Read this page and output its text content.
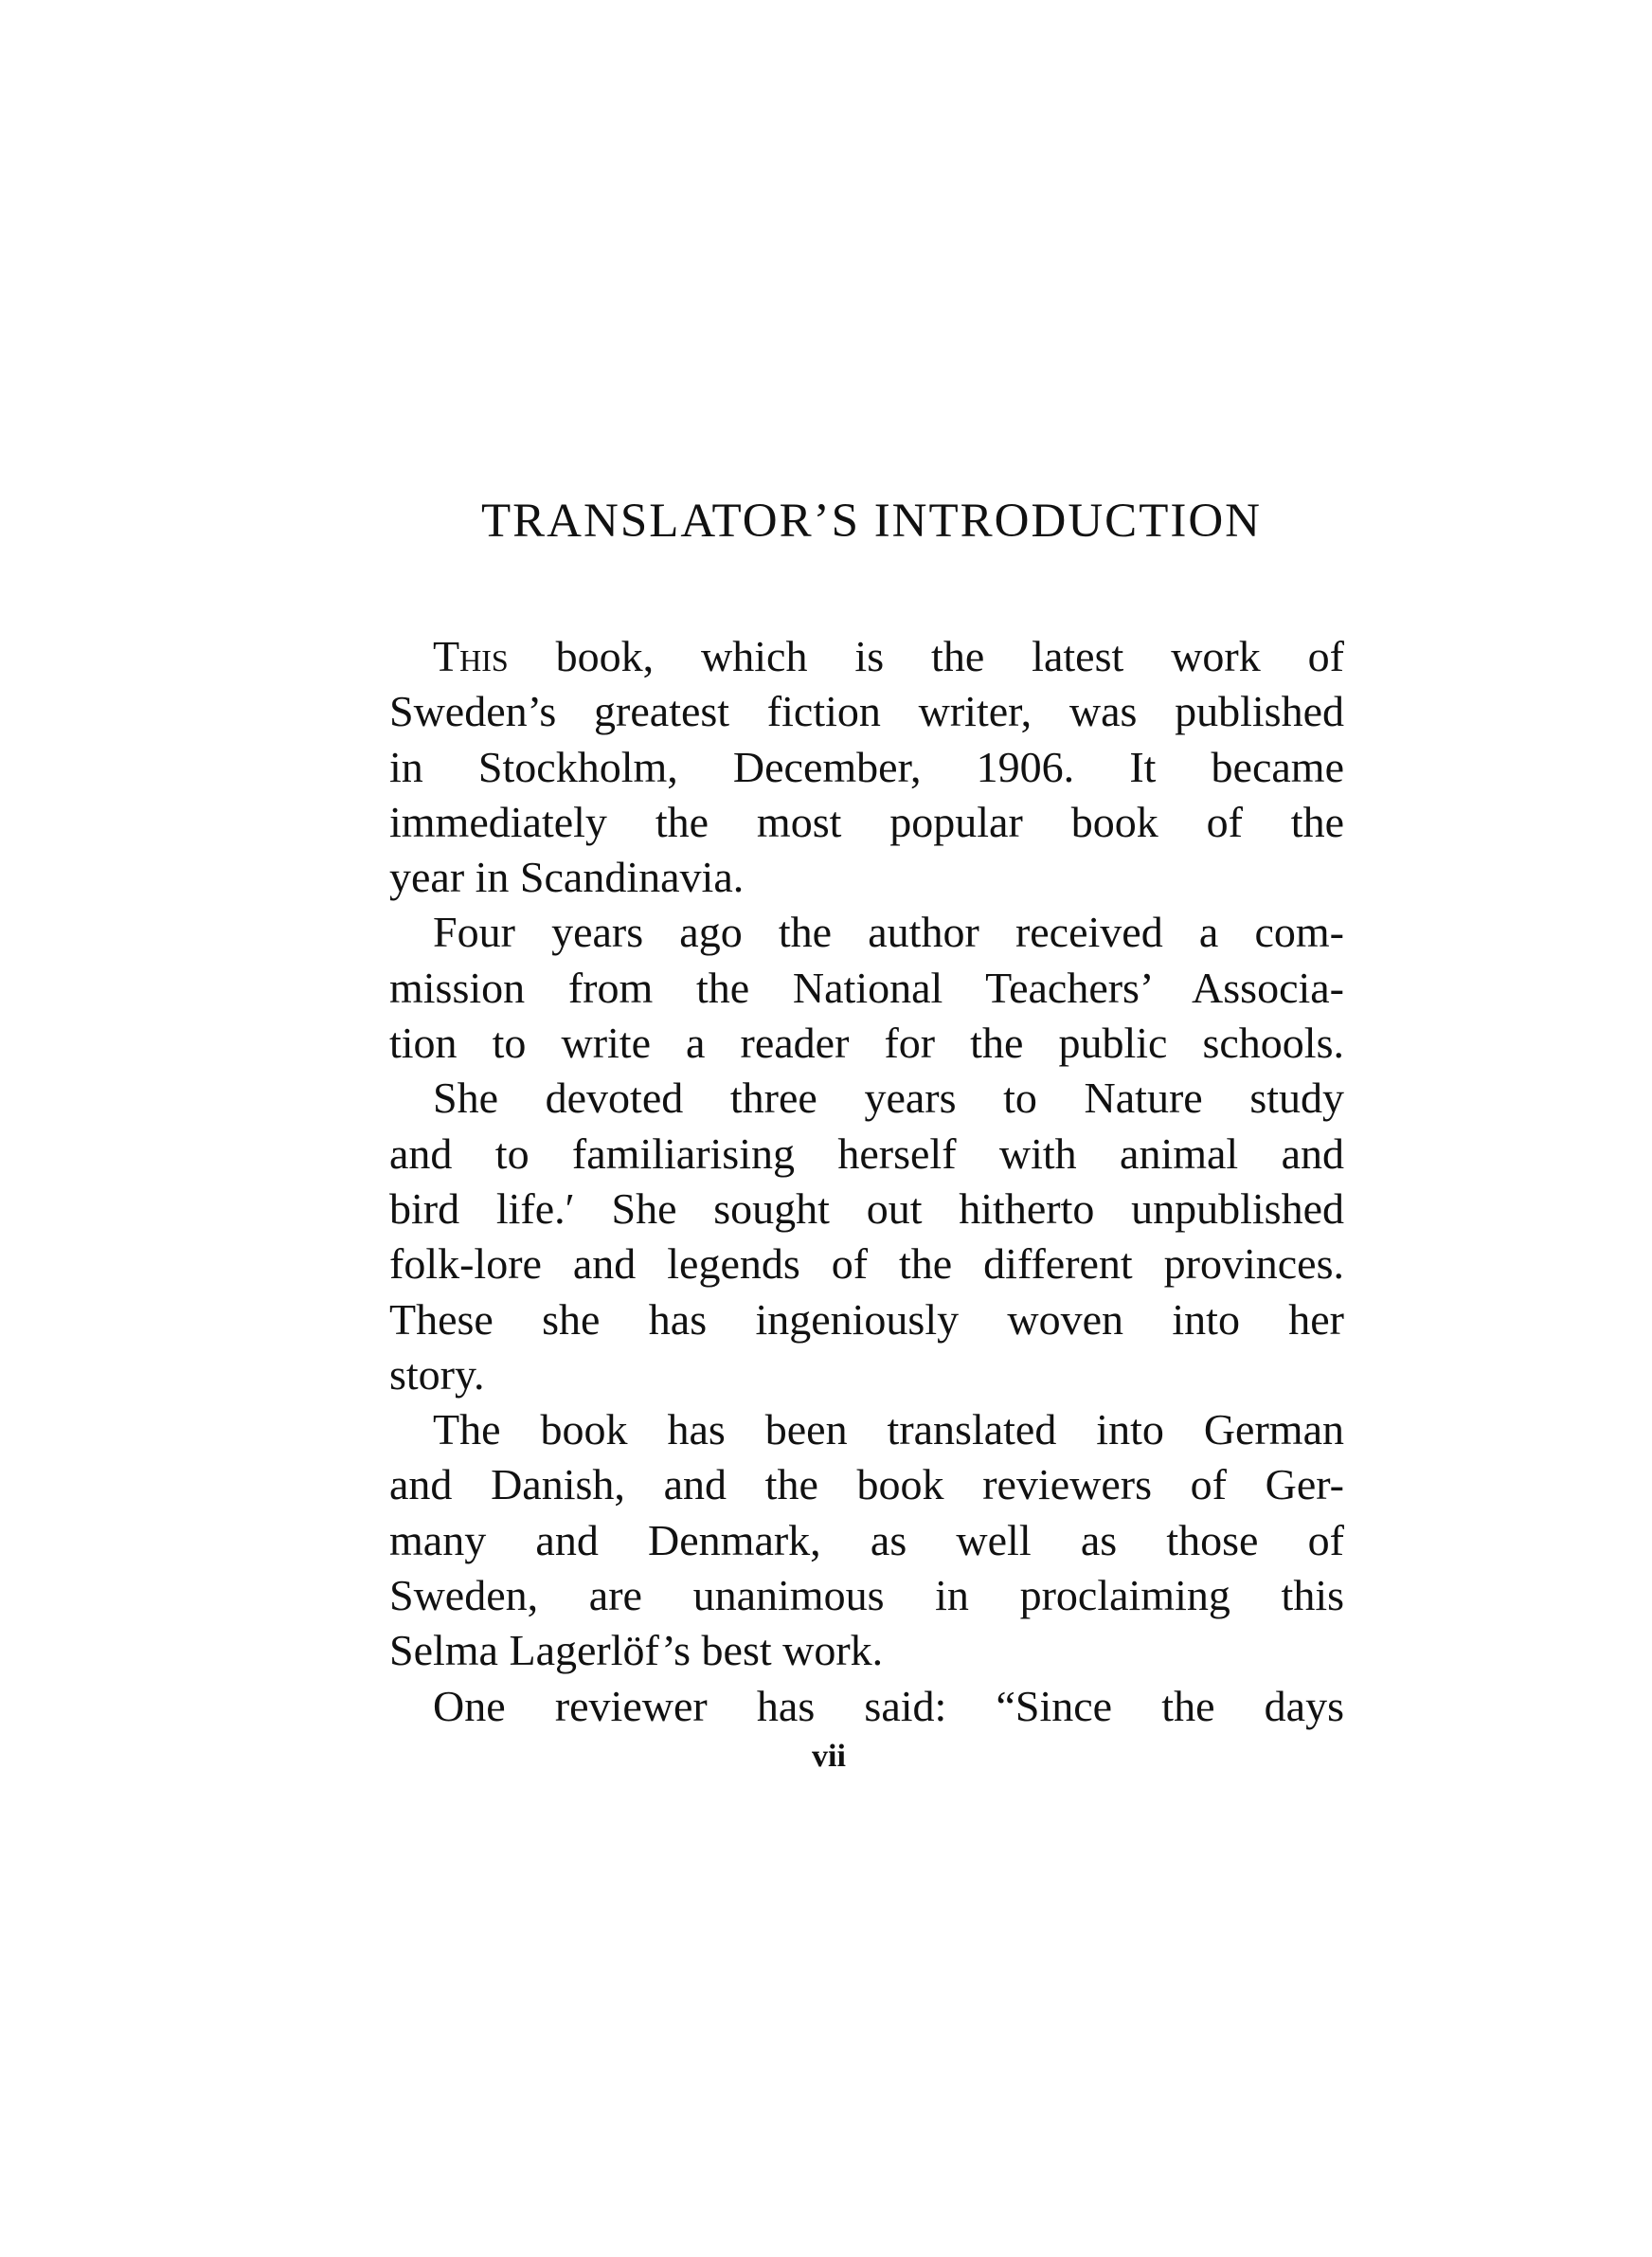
TRANSLATOR’S INTRODUCTION
This book, which is the latest work of
Sweden’s greatest fiction writer, was published
in Stockholm, December, 1906. It became
immediately the most popular book of the
year in Scandinavia.
Four years ago the author received a com-
mission from the National Teachers’ Associa-
tion to write a reader for the public schools.
She devoted three years to Nature study
and to familiarising herself with animal and
bird life.′ She sought out hitherto unpublished
folk-lore and legends of the different provinces.
These she has ingeniously woven into her
story.
The book has been translated into German
and Danish, and the book reviewers of Ger-
many and Denmark, as well as those of
Sweden, are unanimous in proclaiming this
Selma Lagerlöf’s best work.
One reviewer has said: “Since the days
vii
